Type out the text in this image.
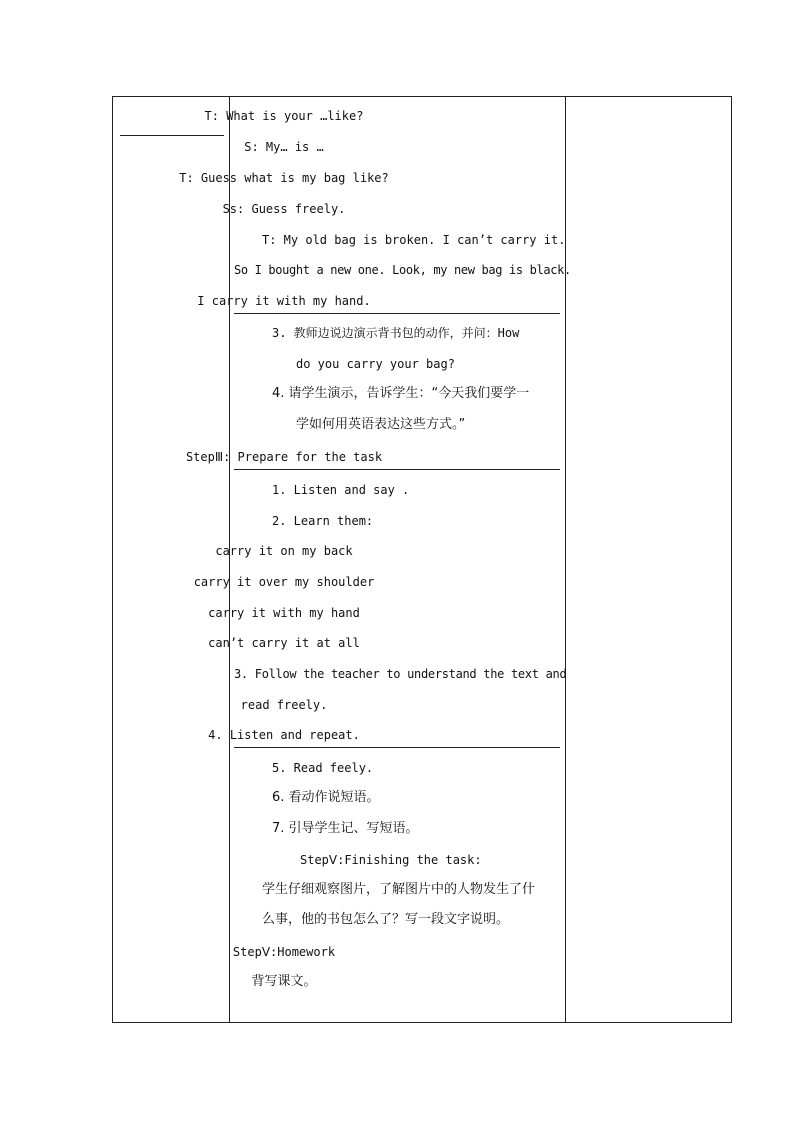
T: What is your …like?
S: My… is …
T: Guess what is my bag like?
Ss: Guess freely.
T: My old bag is broken. I can’t carry it.
So I bought a new one. Look, my new bag is black.
I carry it with my hand.
3. 教师边说边演示背书包的动作，并问：How
do you carry your bag?
4. 请学生演示，告诉学生：“今天我们要学一
学如何用英语表达这些方式。”
StepⅢ: Prepare for the task
1. Listen and say .
2. Learn them:
carry it on my back
carry it over my shoulder
carry it with my hand
can’t carry it at all
3. Follow the teacher to understand the text and
read freely.
4. Listen and repeat.
5. Read feely.
6. 看动作说短语。
7. 引导学生记、写短语。
StepⅤ:Finishing the task:
学生仔细观察图片，了解图片中的人物发生了什
么事，他的书包怎么了？写一段文字说明。
StepⅤ:Homework
背写课文。
